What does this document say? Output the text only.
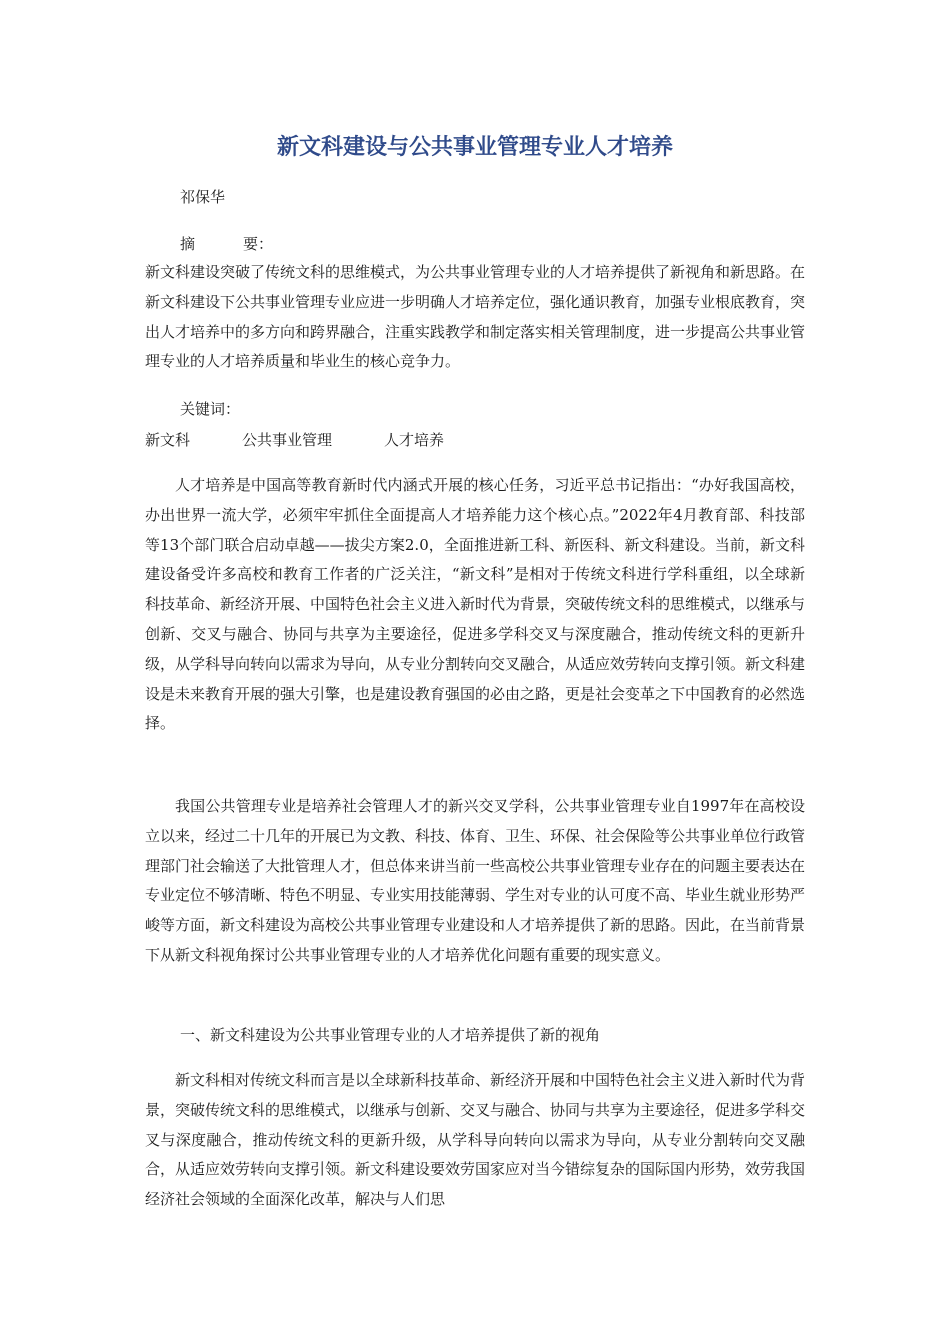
新文科建设与公共事业管理专业人才培养
祁保华
摘	要：

新文科建设突破了传统文科的思维模式，为公共事业管理专业的人才培养提供了新视角和新思路。在新文科建设下公共事业管理专业应进一步明确人才培养定位，强化通识教育，加强专业根底教育，突出人才培养中的多方向和跨界融合，注重实践教学和制定落实相关管理制度，进一步提高公共事业管理专业的人才培养质量和毕业生的核心竞争力。

关键词：
新文科	公共事业管理	人才培养

人才培养是中国高等教育新时代内涵式开展的核心任务，习近平总书记指出：“办好我国高校，办出世界一流大学，必须牢牢抓住全面提高人才培养能力这个核心点。”2022年4月教育部、科技部等13个部门联合启动卓越——拔尖方案2.0，全面推进新工科、新医科、新文科建设。当前，新文科建设备受许多高校和教育工作者的广泛关注，“新文科”是相对于传统文科进行学科重组，以全球新科技革命、新经济开展、中国特色社会主义进入新时代为背景，突破传统文科的思维模式，以继承与创新、交叉与融合、协同与共享为主要途径，促进多学科交叉与深度融合，推动传统文科的更新升级，从学科导向转向以需求为导向，从专业分割转向交叉融合，从适应效劳转向支撑引领。新文科建设是未来教育开展的强大引擎，也是建设教育强国的必由之路，更是社会变革之下中国教育的必然选择。

我国公共管理专业是培养社会管理人才的新兴交叉学科，公共事业管理专业自1997年在高校设立以来，经过二十几年的开展已为文教、科技、体育、卫生、环保、社会保险等公共事业单位行政管理部门社会输送了大批管理人才，但总体来讲当前一些高校公共事业管理专业存在的问题主要表达在专业定位不够清晰、特色不明显、专业实用技能薄弱、学生对专业的认可度不高、毕业生就业形势严峻等方面，新文科建设为高校公共事业管理专业建设和人才培养提供了新的思路。因此，在当前背景下从新文科视角探讨公共事业管理专业的人才培养优化问题有重要的现实意义。

一、新文科建设为公共事业管理专业的人才培养提供了新的视角

新文科相对传统文科而言是以全球新科技革命、新经济开展和中国特色社会主义进入新时代为背景，突破传统文科的思维模式，以继承与创新、交叉与融合、协同与共享为主要途径，促进多学科交叉与深度融合，推动传统文科的更新升级，从学科导向转向以需求为导向，从专业分割转向交叉融合，从适应效劳转向支撑引领。新文科建设要效劳国家应对当今错综复杂的国际国内形势，效劳我国经济社会领域的全面深化改革，解决与人们思
